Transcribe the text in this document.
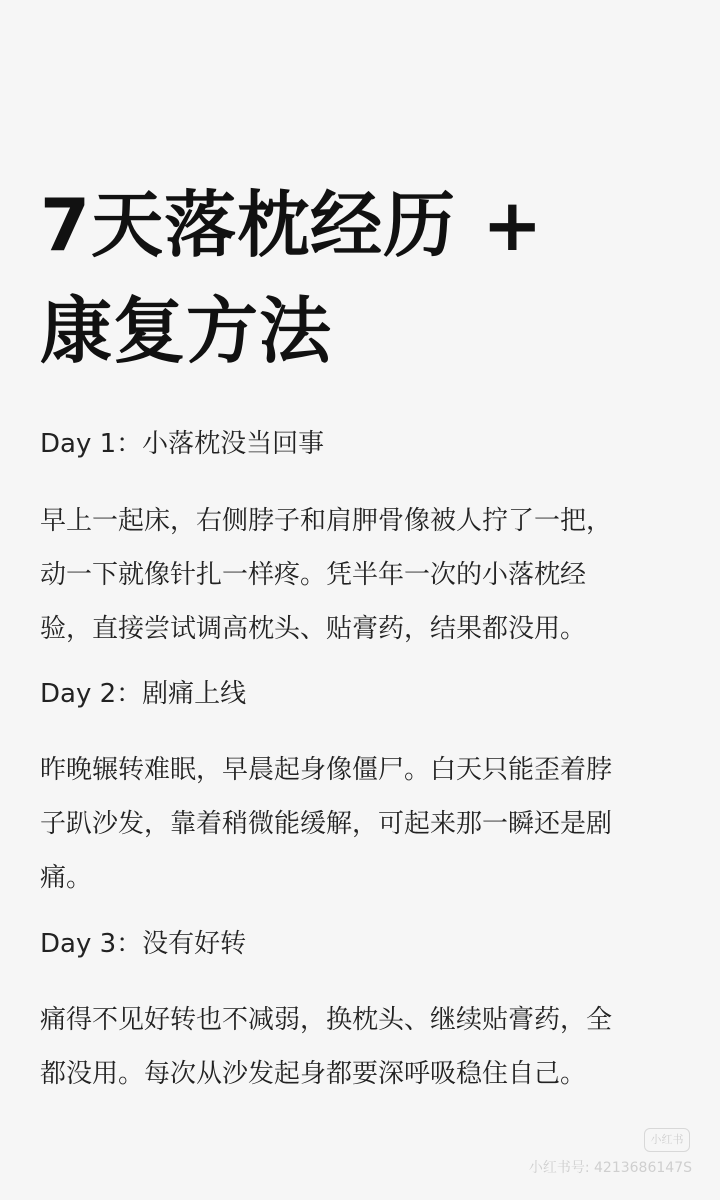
7天落枕经历 +
康复方法

Day 1：小落枕没当回事

早上一起床，右侧脖子和肩胛骨像被人拧了一把，
动一下就像针扎一样疼。凭半年一次的小落枕经
验，直接尝试调高枕头、贴膏药，结果都没用。

Day 2：剧痛上线

昨晚辗转难眠，早晨起身像僵尸。白天只能歪着脖
子趴沙发，靠着稍微能缓解，可起来那一瞬还是剧
痛。

Day 3：没有好转

痛得不见好转也不减弱，换枕头、继续贴膏药，全
都没用。每次从沙发起身都要深呼吸稳住自己。
小红书
小红书号: 4213686147S
